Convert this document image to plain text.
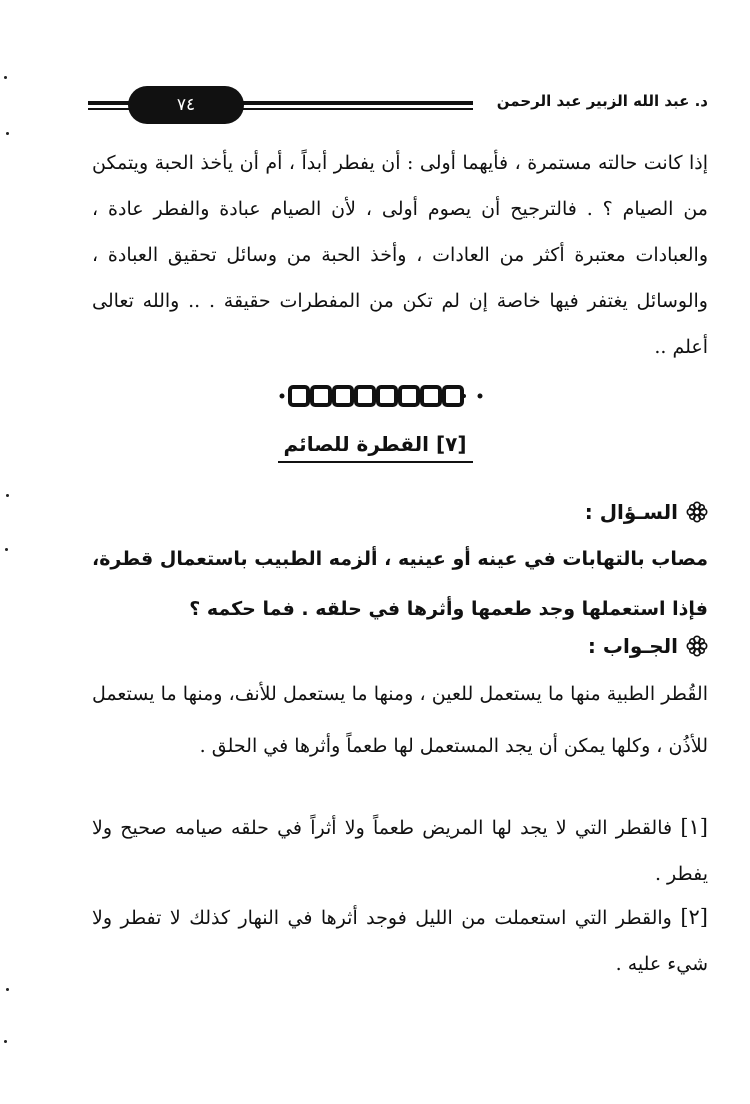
٧٤	د. عبد الله الزبير عبد الرحمن
إذا كانت حالته مستمرة ، فأيهما أولى : أن يفطر أبداً ، أم أن يأخذ الحبة ويتمكن من الصيام ؟ . فالترجيح أن يصوم أولى ، لأن الصيام عبادة والفطر عادة ، والعبادات معتبرة أكثر من العادات ، وأخذ الحبة من وسائل تحقيق العبادة ، والوسائل يغتفر فيها خاصة إن لم تكن من المفطرات حقيقة . .. والله تعالى أعلم ..
[٧] القطرة للصائم
السـؤال :
مصاب بالتهابات في عينه أو عينيه ، ألزمه الطبيب باستعمال قطرة، فإذا استعملها وجد طعمها وأثرها في حلقه . فما حكمه ؟
الجـواب :
القُطر الطبية منها ما يستعمل للعين ، ومنها ما يستعمل للأنف، ومنها ما يستعمل للأذُن ، وكلها يمكن أن يجد المستعمل لها طعماً وأثرها في الحلق .
[١] فالقطر التي لا يجد لها المريض طعماً ولا أثراً في حلقه صيامه صحيح ولا يفطر .
[٢] والقطر التي استعملت من الليل فوجد أثرها في النهار كذلك لا تفطر ولا شيء عليه .
